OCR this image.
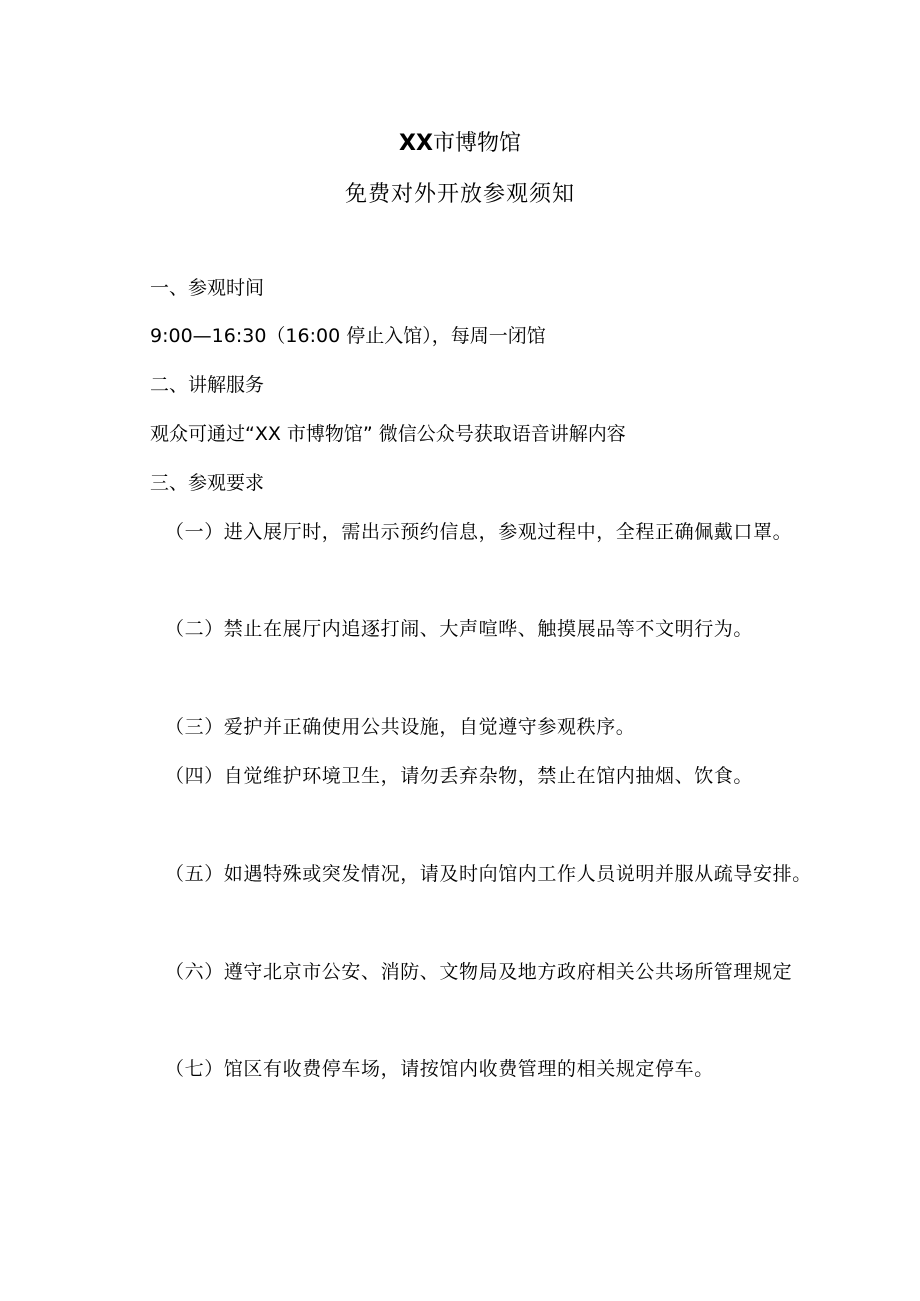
XX市博物馆
免费对外开放参观须知
一、参观时间
9:00—16:30（16:00 停止入馆），每周一闭馆
二、讲解服务
观众可通过“XX 市博物馆” 微信公众号获取语音讲解内容
三、参观要求
（一）进入展厅时，需出示预约信息，参观过程中，全程正确佩戴口罩。
（二）禁止在展厅内追逐打闹、大声喧哗、触摸展品等不文明行为。
（三）爱护并正确使用公共设施，自觉遵守参观秩序。
（四）自觉维护环境卫生，请勿丢弃杂物，禁止在馆内抽烟、饮食。
（五）如遇特殊或突发情况，请及时向馆内工作人员说明并服从疏导安排。
（六）遵守北京市公安、消防、文物局及地方政府相关公共场所管理规定
（七）馆区有收费停车场，请按馆内收费管理的相关规定停车。
